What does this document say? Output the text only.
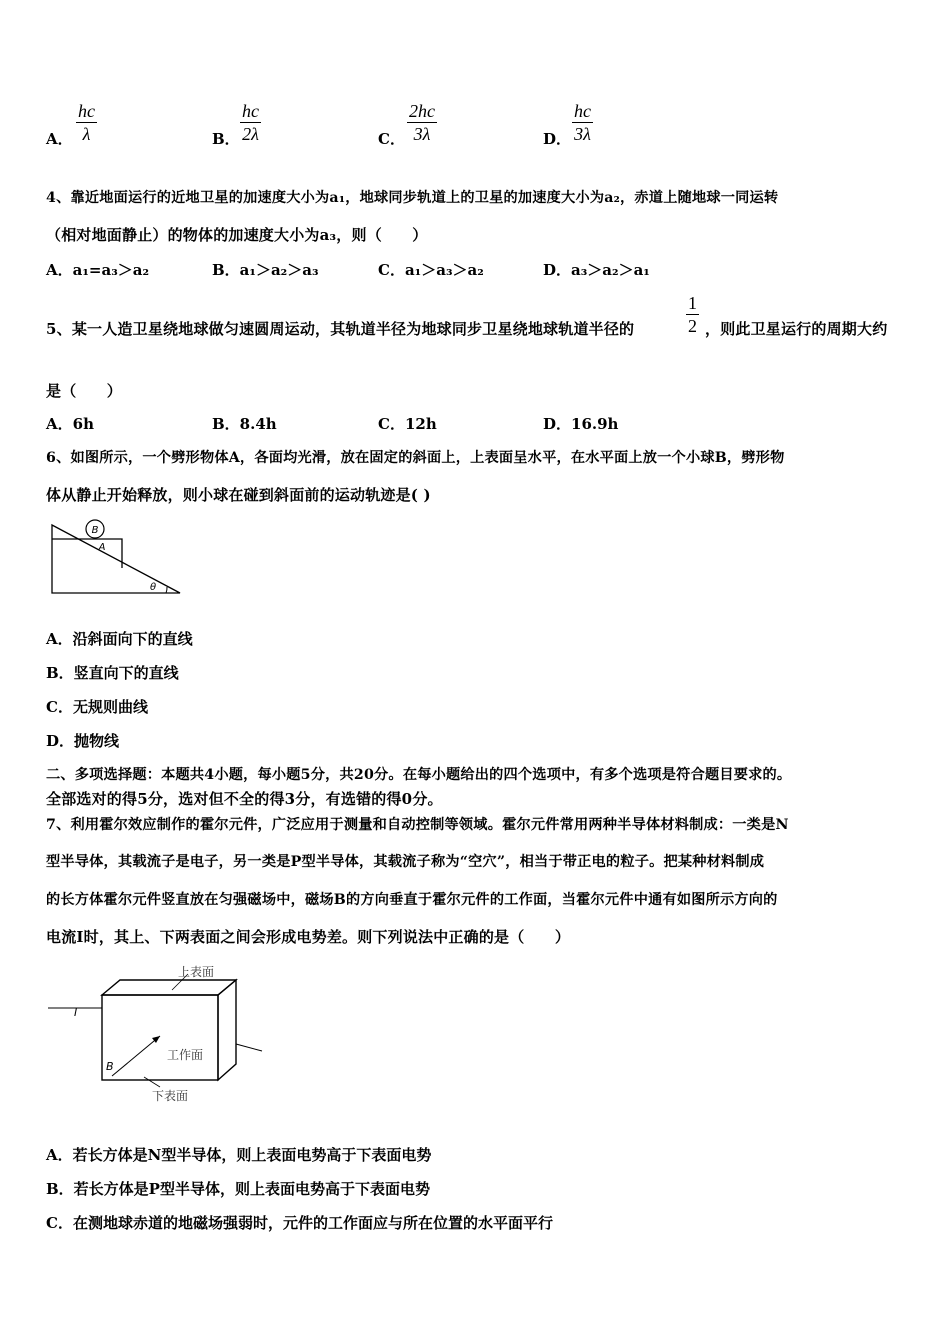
A． $\frac{hc}{\lambda}$	B． $\frac{hc}{2\lambda}$	C． $\frac{2hc}{3\lambda}$	D． $\frac{hc}{3\lambda}$
4、靠近地面运行的近地卫星的加速度大小为a₁，地球同步轨道上的卫星的加速度大小为a₂，赤道上随地球一同运转
（相对地面静止）的物体的加速度大小为a₃，则（　　）
A．a₁=a₃＞a₂	B．a₁＞a₂＞a₃	C．a₁＞a₃＞a₂	D．a₃＞a₂＞a₁
5、某一人造卫星绕地球做匀速圆周运动，其轨道半径为地球同步卫星绕地球轨道半径的	$\frac{1}{2}$ ，则此卫星运行的周期大约
是（　　）
A．6h	B．8.4h	C．12h	D．16.9h
6、如图所示，一个劈形物体A，各面均光滑，放在固定的斜面上，上表面呈水平，在水平面上放一个小球B，劈形物
体从静止开始释放，则小球在碰到斜面前的运动轨迹是( )
B
A
θ
A．沿斜面向下的直线
B．竖直向下的直线
C．无规则曲线
D．抛物线
二、多项选择题：本题共4小题，每小题5分，共20分。在每小题给出的四个选项中，有多个选项是符合题目要求的。
全部选对的得5分，选对但不全的得3分，有选错的得0分。
7、利用霍尔效应制作的霍尔元件，广泛应用于测量和自动控制等领域。霍尔元件常用两种半导体材料制成：一类是N
型半导体，其载流子是电子，另一类是P型半导体，其载流子称为“空穴”，相当于带正电的粒子。把某种材料制成
的长方体霍尔元件竖直放在匀强磁场中，磁场B的方向垂直于霍尔元件的工作面，当霍尔元件中通有如图所示方向的
电流I时，其上、下两表面之间会形成电势差。则下列说法中正确的是（　　）
I
B
上表面
工作面
下表面
A．若长方体是N型半导体，则上表面电势高于下表面电势
B．若长方体是P型半导体，则上表面电势高于下表面电势
C．在测地球赤道的地磁场强弱时，元件的工作面应与所在位置的水平面平行
